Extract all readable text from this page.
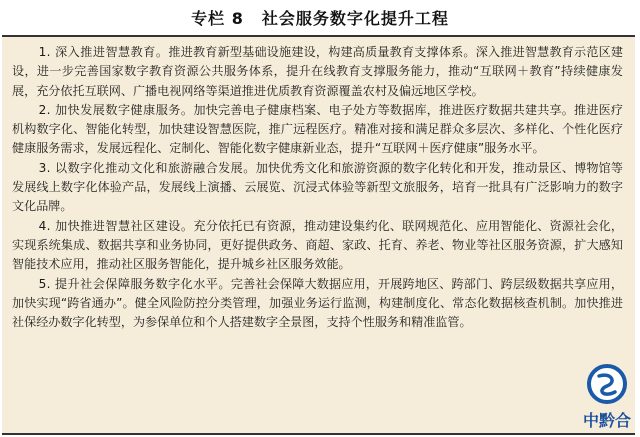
专栏 8 社会服务数字化提升工程

1. 深入推进智慧教育。推进教育新型基础设施建设，构建高质量教育支撑体系。深入推进智慧教育示范区建设，进一步完善国家数字教育资源公共服务体系，提升在线教育支撑服务能力，推动“互联网＋教育”持续健康发展，充分依托互联网、广播电视网络等渠道推进优质教育资源覆盖农村及偏远地区学校。

2. 加快发展数字健康服务。加快完善电子健康档案、电子处方等数据库，推进医疗数据共建共享。推进医疗机构数字化、智能化转型，加快建设智慧医院，推广远程医疗。精准对接和满足群众多层次、多样化、个性化医疗健康服务需求，发展远程化、定制化、智能化数字健康新业态，提升“互联网＋医疗健康”服务水平。

3. 以数字化推动文化和旅游融合发展。加快优秀文化和旅游资源的数字化转化和开发，推动景区、博物馆等发展线上数字化体验产品，发展线上演播、云展览、沉浸式体验等新型文旅服务，培育一批具有广泛影响力的数字文化品牌。

4. 加快推进智慧社区建设。充分依托已有资源，推动建设集约化、联网规范化、应用智能化、资源社会化，实现系统集成、数据共享和业务协同，更好提供政务、商超、家政、托育、养老、物业等社区服务资源，扩大感知智能技术应用，推动社区服务智能化，提升城乡社区服务效能。

5. 提升社会保障服务数字化水平。完善社会保障大数据应用，开展跨地区、跨部门、跨层级数据共享应用，加快实现“跨省通办”。健全风险防控分类管理，加强业务运行监测，构建制度化、常态化数据核查机制。加快推进社保经办数字化转型，为参保单位和个人搭建数字全景图，支持个性服务和精准监管。

中黔合
